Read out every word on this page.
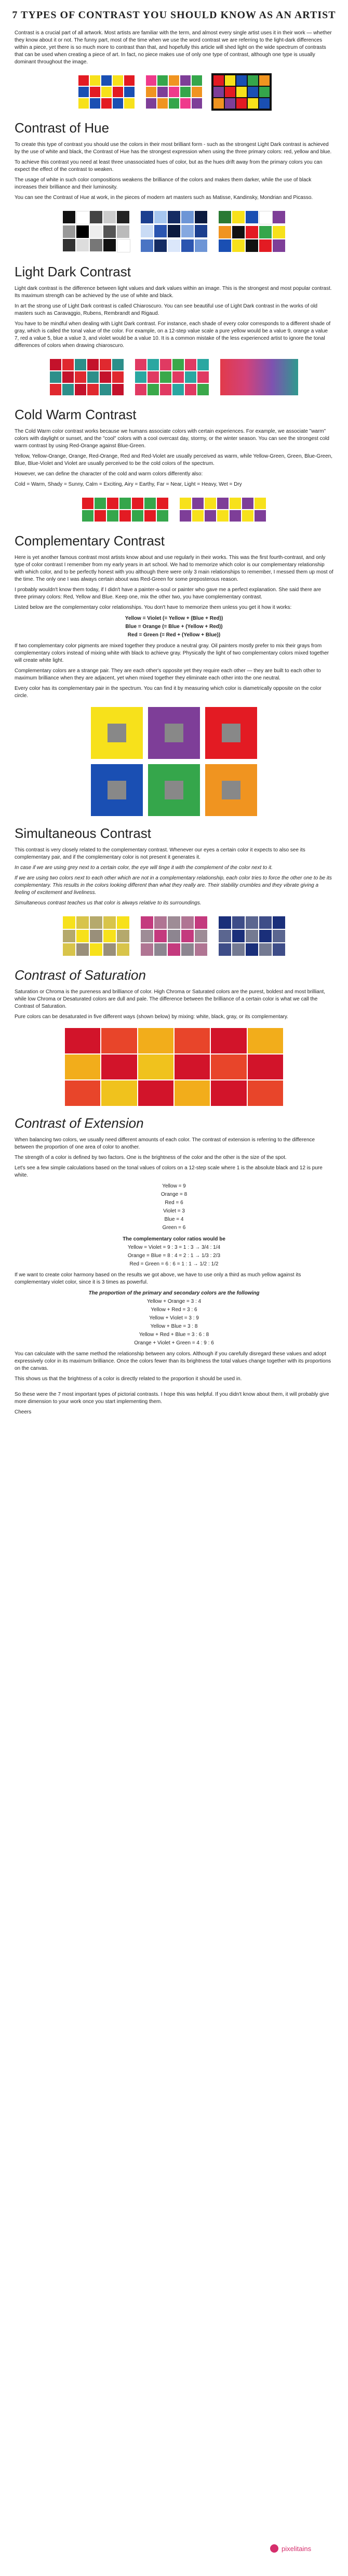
7 TYPES OF CONTRAST YOU SHOULD KNOW AS AN ARTIST

Contrast is a crucial part of all artwork. Most artists are familiar with the term, and almost every single artist uses it in their work — whether they know about it or not. The funny part, most of the time when we use the word contrast we are referring to the light-dark differences within a piece, yet there is so much more to contrast than that, and hopefully this article will shed light on the wide spectrum of contrasts that can be used when creating a piece of art. In fact, no piece makes use of only one type of contrast, although one type is usually dominant throughout the image.

Contrast of Hue

To create this type of contrast you should use the colors in their most brilliant form - such as the strongest Light Dark contrast is achieved by the use of white and black, the Contrast of Hue has the strongest expression when using the three primary colors: red, yellow and blue.

To achieve this contrast you need at least three unassociated hues of color, but as the hues drift away from the primary colors you can expect the effect of the contrast to weaken.

The usage of white in such color compositions weakens the brilliance of the colors and makes them darker, while the use of black increases their brilliance and their luminosity.

You can see the Contrast of Hue at work, in the pieces of modern art masters such as Matisse, Kandinsky, Mondrian and Picasso.

Light Dark Contrast

Light dark contrast is the difference between light values and dark values within an image. This is the strongest and most popular contrast. Its maximum strength can be achieved by the use of white and black.

In art the strong use of Light Dark contrast is called Chiaroscuro. You can see beautiful use of Light Dark contrast in the works of old masters such as Caravaggio, Rubens, Rembrandt and Rigaud.

You have to be mindful when dealing with Light Dark contrast. For instance, each shade of every color corresponds to a different shade of gray, which is called the tonal value of the color. For example, on a 12-step value scale a pure yellow would be a value 9, orange a value 7, red a value 5, blue a value 3, and violet would be a value 10. It is a common mistake of the less experienced artist to ignore the tonal differences of colors when drawing chiaroscuro.

Cold Warm Contrast

The Cold Warm color contrast works because we humans associate colors with certain experiences. For example, we associate "warm" colors with daylight or sunset, and the "cool" colors with a cool overcast day, stormy, or the winter season. You can see the strongest cold warm contrast by using Red-Orange against Blue-Green.

Yellow, Yellow-Orange, Orange, Red-Orange, Red and Red-Violet are usually perceived as warm, while Yellow-Green, Green, Blue-Green, Blue, Blue-Violet and Violet are usually perceived to be the cold colors of the spectrum.

However, we can define the character of the cold and warm colors differently also:

Cold = Warm, Shady = Sunny, Calm = Exciting, Airy = Earthy, Far = Near, Light = Heavy, Wet = Dry

Complementary Contrast

Here is yet another famous contrast most artists know about and use regularly in their works. This was the first fourth-contrast, and only type of color contrast I remember from my early years in art school. We had to memorize which color is our complementary relationship with which color, and to be perfectly honest with you although there were only 3 main relationships to remember, I messed them up most of the time. The only one I was always certain about was Red-Green for some preposterous reason.

I probably wouldn't know them today, if I didn't have a painter-a-soul or painter who gave me a perfect explanation. She said there are three primary colors: Red, Yellow and Blue. Keep one, mix the other two, you have complementary contrast.

Listed below are the complementary color relationships. You don't have to memorize them unless you get it how it works:

Yellow = Violet (= Yellow + (Blue + Red))
Blue = Orange (= Blue + (Yellow + Red))
Red = Green (= Red + (Yellow + Blue))

If two complementary color pigments are mixed together they produce a neutral gray. Oil painters mostly prefer to mix their grays from complementary colors instead of mixing white with black to achieve gray. Physically the light of two complementary colors mixed together will create white light.

Complementary colors are a strange pair. They are each other's opposite yet they require each other — they are built to each other to maximum brilliance when they are adjacent, yet when mixed together they eliminate each other into the one neutral.

Every color has its complementary pair in the spectrum. You can find it by measuring which color is diametrically opposite on the color circle.

Simultaneous Contrast

This contrast is very closely related to the complementary contrast. Whenever our eyes a certain color it expects to also see its complementary pair, and if the complementary color is not present it generates it.

In case if we are using grey next to a certain color, the eye will tinge it with the complement of the color next to it.

If we are using two colors next to each other which are not in a complementary relationship, each color tries to force the other one to be its complementary. This results in the colors looking different than what they really are. Their stability crumbles and they vibrate giving a feeling of excitement and liveliness.

Simultaneous contrast teaches us that color is always relative to its surroundings.

Contrast of Saturation

Saturation or Chroma is the pureness and brilliance of color. High Chroma or Saturated colors are the purest, boldest and most brilliant, while low Chroma or Desaturated colors are dull and pale. The difference between the brilliance of a certain color is what we call the Contrast of Saturation.

Pure colors can be desaturated in five different ways (shown below) by mixing: white, black, gray, or its complementary.

Contrast of Extension

When balancing two colors, we usually need different amounts of each color. The contrast of extension is referring to the difference between the proportion of one area of color to another.

The strength of a color is defined by two factors. One is the brightness of the color and the other is the size of the spot.

Let's see a few simple calculations based on the tonal values of colors on a 12-step scale where 1 is the absolute black and 12 is pure white.

Yellow = 9
Orange = 8
Red = 6
Violet = 3
Blue = 4
Green = 6
The complementary color ratios would be
Yellow = Violet = 9 : 3 = 1 : 3 → 3/4 : 1/4
Orange = Blue = 8 : 4 = 2 : 1 → 1/3 : 2/3
Red = Green = 6 : 6 = 1 : 1 → 1/2 : 1/2

If we want to create color harmony based on the results we got above, we have to use only a third as much yellow against its complementary violet color, since it is 3 times as powerful.

The proportion of the primary and secondary colors are the following
Yellow + Orange = 3 : 4
Yellow + Red = 3 : 6
Yellow + Violet = 3 : 9
Yellow + Blue = 3 : 8
Yellow + Red + Blue = 3 : 6 : 8
Orange + Violet + Green = 4 : 9 : 6

You can calculate with the same method the relationship between any colors. Although if you carefully disregard these values and adopt expressively color in its maximum brilliance. Once the colors fewer than its brightness the total values change together with its proportions on the canvas.

This shows us that the brightness of a color is directly related to the proportion it should be used in.

So these were the 7 most important types of pictorial contrasts. I hope this was helpful. If you didn't know about them, it will probably give more dimension to your work once you start implementing them.

Cheers

pixelitains
